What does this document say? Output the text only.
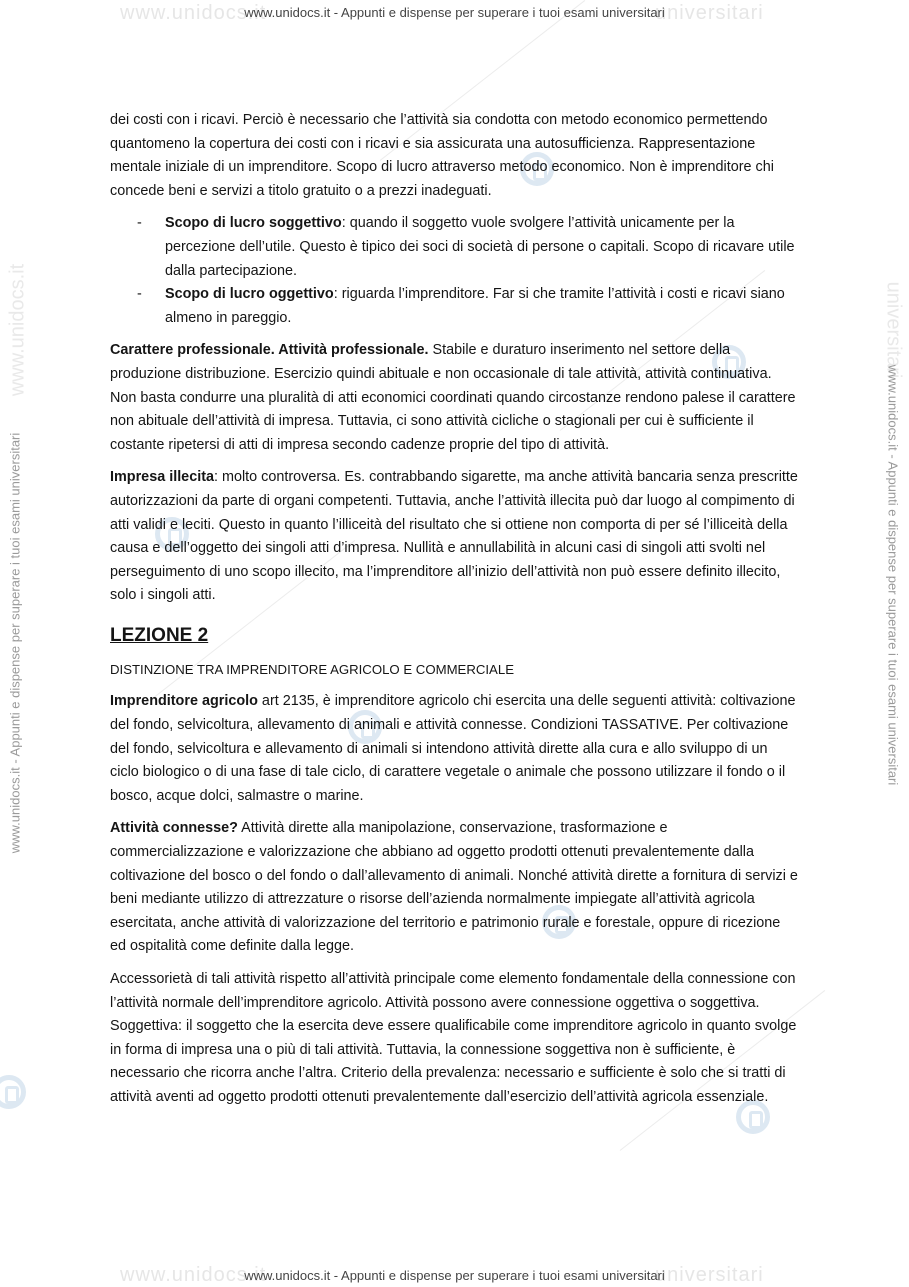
www.unidocs.it	universitari
www.unidocs.it - Appunti e dispense per superare i tuoi esami universitari
www.unidocs.it	universitari
www.unidocs.it - Appunti e dispense per superare i tuoi esami universitari	www.unidocs.it - Appunti e dispense per superare i tuoi esami universitari

dei costi con i ricavi. Perciò è necessario che l’attività sia condotta con metodo economico permettendo quantomeno la copertura dei costi con i ricavi e sia assicurata una autosufficienza. Rappresentazione mentale iniziale di un imprenditore. Scopo di lucro attraverso metodo economico. Non è imprenditore chi concede beni e servizi a titolo gratuito o a prezzi inadeguati.

- Scopo di lucro soggettivo: quando il soggetto vuole svolgere l’attività unicamente per la percezione dell’utile. Questo è tipico dei soci di società di persone o capitali. Scopo di ricavare utile dalla partecipazione.
- Scopo di lucro oggettivo: riguarda l’imprenditore. Far si che tramite l’attività i costi e ricavi siano almeno in pareggio.

Carattere professionale. Attività professionale. Stabile e duraturo inserimento nel settore della produzione distribuzione. Esercizio quindi abituale e non occasionale di tale attività, attività continuativa. Non basta condurre una pluralità di atti economici coordinati quando circostanze rendono palese il carattere non abituale dell’attività di impresa. Tuttavia, ci sono attività cicliche o stagionali per cui è sufficiente il costante ripetersi di atti di impresa secondo cadenze proprie del tipo di attività.

Impresa illecita: molto controversa. Es. contrabbando sigarette, ma anche attività bancaria senza prescritte autorizzazioni da parte di organi competenti. Tuttavia, anche l’attività illecita può dar luogo al compimento di atti validi e leciti. Questo in quanto l’illiceità del risultato che si ottiene non comporta di per sé l’illiceità della causa e dell’oggetto dei singoli atti d’impresa. Nullità e annullabilità in alcuni casi di singoli atti svolti nel perseguimento di uno scopo illecito, ma l’imprenditore all’inizio dell’attività non può essere definito illecito, solo i singoli atti.

LEZIONE 2
DISTINZIONE TRA IMPRENDITORE AGRICOLO E COMMERCIALE

Imprenditore agricolo art 2135, è imprenditore agricolo chi esercita una delle seguenti attività: coltivazione del fondo, selvicoltura, allevamento di animali e attività connesse. Condizioni TASSATIVE. Per coltivazione del fondo, selvicoltura e allevamento di animali si intendono attività dirette alla cura e allo sviluppo di un ciclo biologico o di una fase di tale ciclo, di carattere vegetale o animale che possono utilizzare il fondo o il bosco, acque dolci, salmastre o marine.

Attività connesse? Attività dirette alla manipolazione, conservazione, trasformazione e commercializzazione e valorizzazione che abbiano ad oggetto prodotti ottenuti prevalentemente dalla coltivazione del bosco o del fondo o dall’allevamento di animali. Nonché attività dirette a fornitura di servizi e beni mediante utilizzo di attrezzature o risorse dell’azienda normalmente impiegate all’attività agricola esercitata, anche attività di valorizzazione del territorio e patrimonio rurale e forestale, oppure di ricezione ed ospitalità come definite dalla legge.

Accessorietà di tali attività rispetto all’attività principale come elemento fondamentale della connessione con l’attività normale dell’imprenditore agricolo. Attività possono avere connessione oggettiva o soggettiva. Soggettiva: il soggetto che la esercita deve essere qualificabile come imprenditore agricolo in quanto svolge in forma di impresa una o più di tali attività. Tuttavia, la connessione soggettiva non è sufficiente, è necessario che ricorra anche l’altra. Criterio della prevalenza: necessario e sufficiente è solo che si tratti di attività aventi ad oggetto prodotti ottenuti prevalentemente dall’esercizio dell’attività agricola essenziale.

www.unidocs.it	universitari
www.unidocs.it - Appunti e dispense per superare i tuoi esami universitari
